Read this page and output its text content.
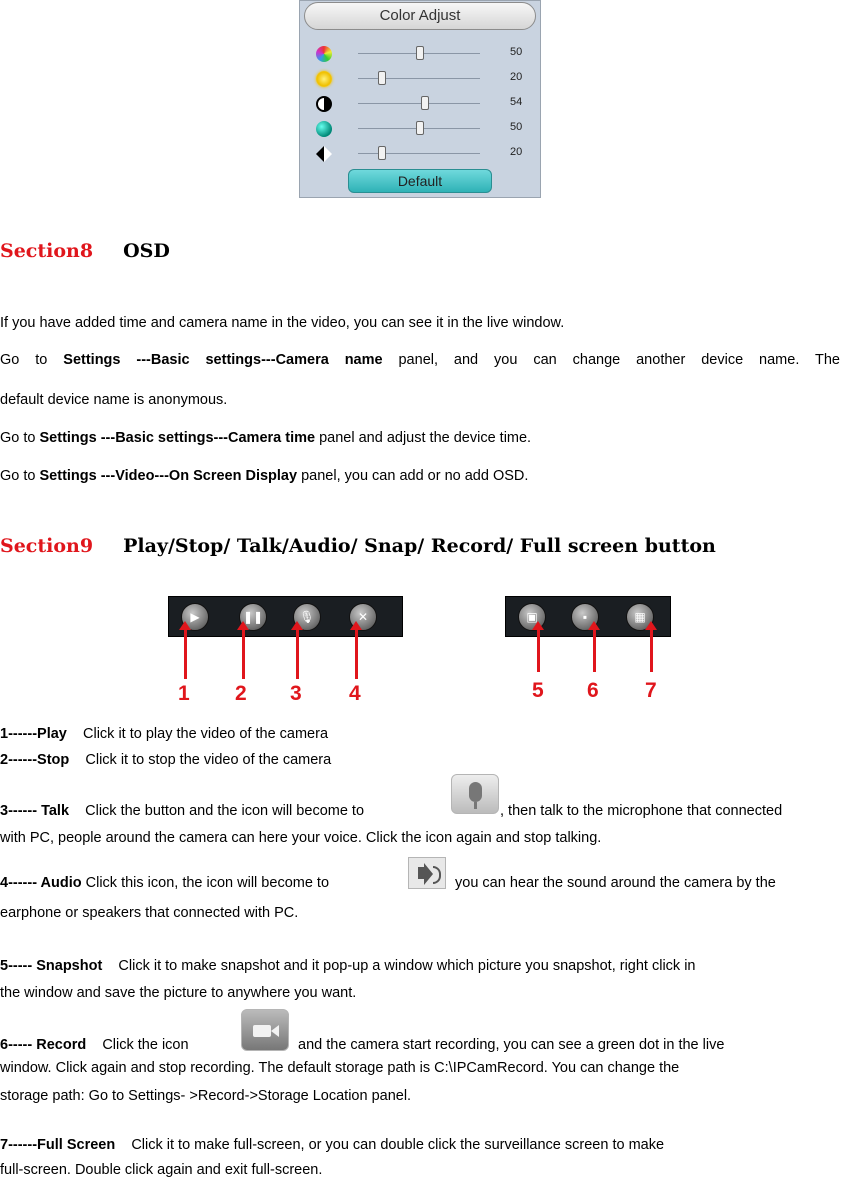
Color Adjust
50
20
54
50
20
Default
Section8 OSD
If you have added time and camera name in the video, you can see it in the live window.
Go to Settings ---Basic settings---Camera name panel, and you can change another device name. The
default device name is anonymous.
Go to Settings ---Basic settings---Camera time panel and adjust the device time.
Go to Settings ---Video---On Screen Display panel, you can add or no add OSD.
Section9 Play/Stop/ Talk/Audio/ Snap/ Record/ Full screen button
▶	❚❚	🎙	✕	▣	▪	▦
1 2 3 4	5 6 7
1------Play Click it to play the video of the camera
2------Stop Click it to stop the video of the camera
3------ Talk Click the button and the icon will become to	, then talk to the microphone that connected
with PC, people around the camera can here your voice. Click the icon again and stop talking.
4------ Audio Click this icon, the icon will become to	you can hear the sound around the camera by the
earphone or speakers that connected with PC.
5----- Snapshot Click it to make snapshot and it pop-up a window which picture you snapshot, right click in
the window and save the picture to anywhere you want.
6----- Record Click the icon	and the camera start recording, you can see a green dot in the live
window. Click again and stop recording. The default storage path is C:\IPCamRecord. You can change the
storage path: Go to Settings- >Record->Storage Location panel.
7------Full Screen Click it to make full-screen, or you can double click the surveillance screen to make
full-screen. Double click again and exit full-screen.
